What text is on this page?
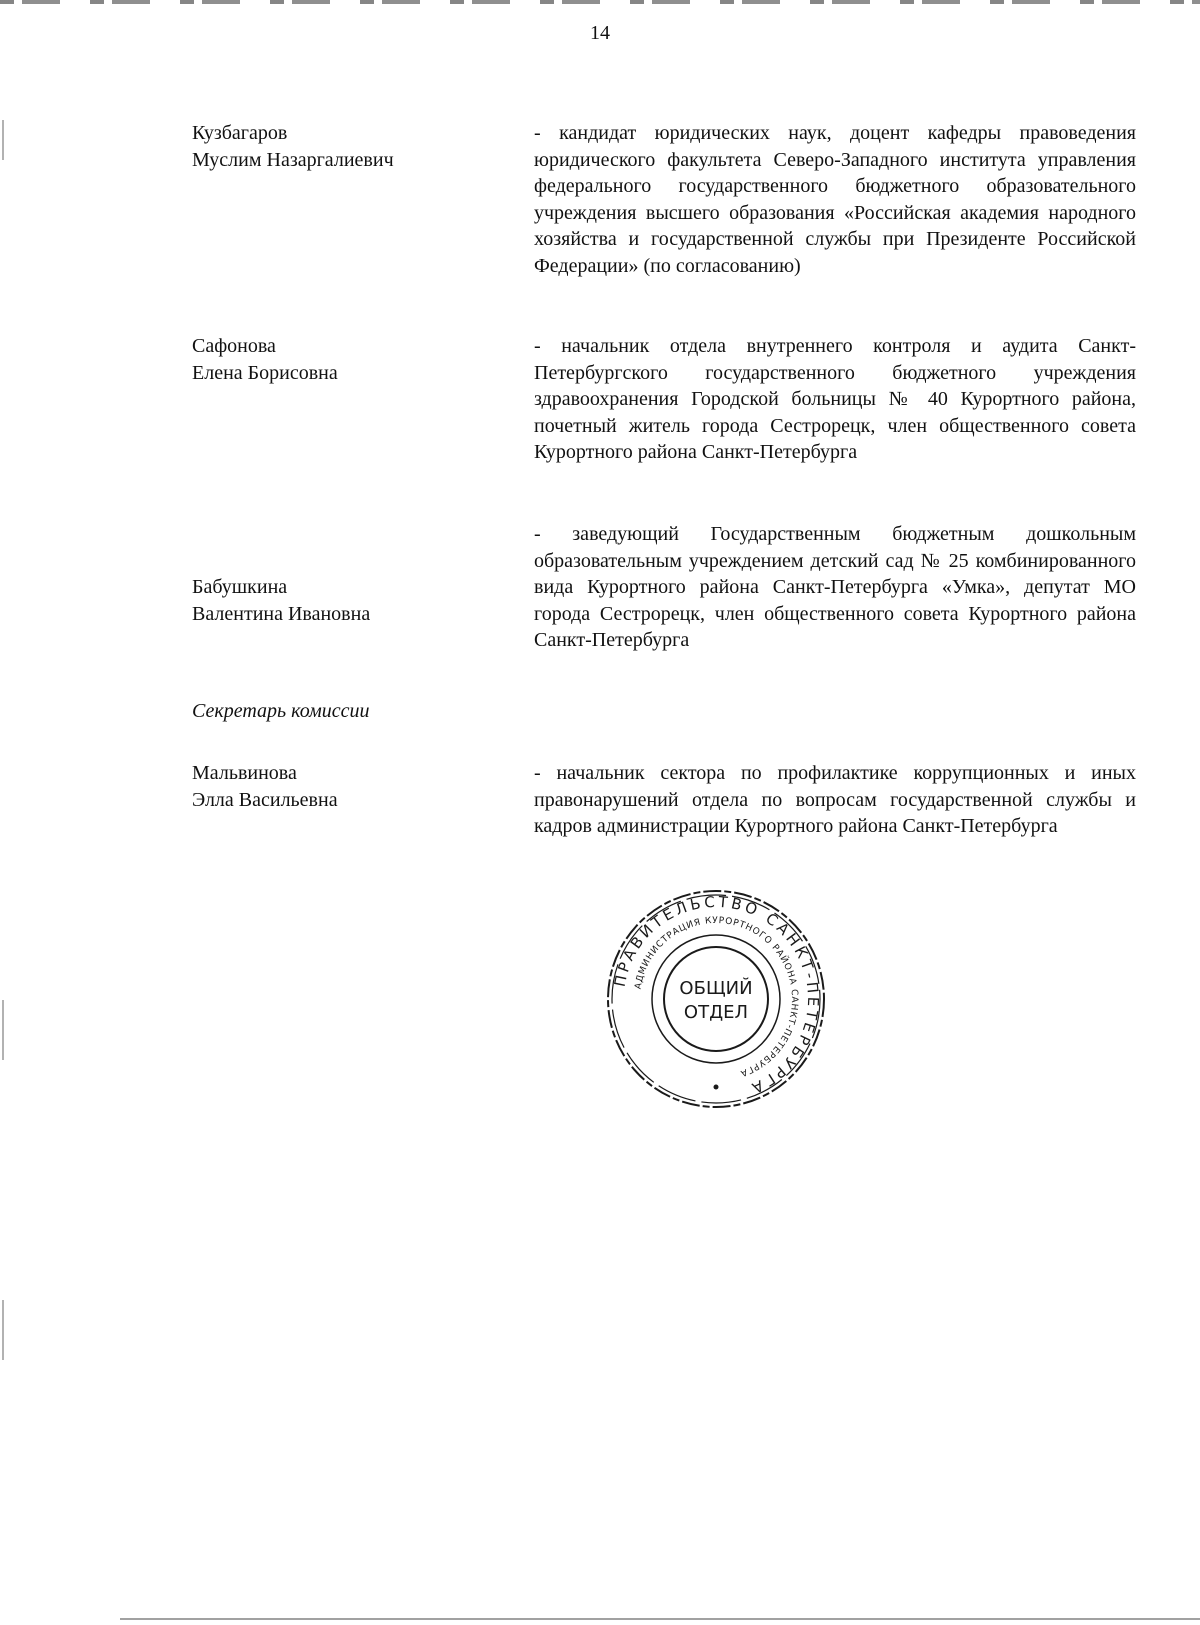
14
Кузбагаров
Муслим Назаргалиевич
- кандидат юридических наук, доцент кафедры правоведения юридического факультета Северо-Западного института управления федерального государственного бюджетного образовательного учреждения высшего образования «Российская академия народного хозяйства и государственной службы при Президенте Российской Федерации» (по согласованию)
Сафонова
Елена Борисовна
- начальник отдела внутреннего контроля и аудита Санкт-Петербургского государственного бюджетного учреждения здравоохранения Городской больницы № 40 Курортного района, почетный житель города Сестрорецк, член общественного совета Курортного района Санкт-Петербурга
Бабушкина
Валентина Ивановна
- заведующий Государственным бюджетным дошкольным образовательным учреждением детский сад № 25 комбинированного вида Курортного района Санкт-Петербурга «Умка», депутат МО города Сестрорецк, член общественного совета Курортного района Санкт-Петербурга
Секретарь комиссии
Мальвинова
Элла Васильевна
- начальник сектора по профилактике коррупционных и иных правонарушений отдела по вопросам государственной службы и кадров администрации Курортного района Санкт-Петербурга
ПРАВИТЕЛЬСТВО САНКТ-ПЕТЕРБУРГА
АДМИНИСТРАЦИЯ КУРОРТНОГО РАЙОНА САНКТ-ПЕТЕРБУРГА
ОБЩИЙ
ОТДЕЛ
